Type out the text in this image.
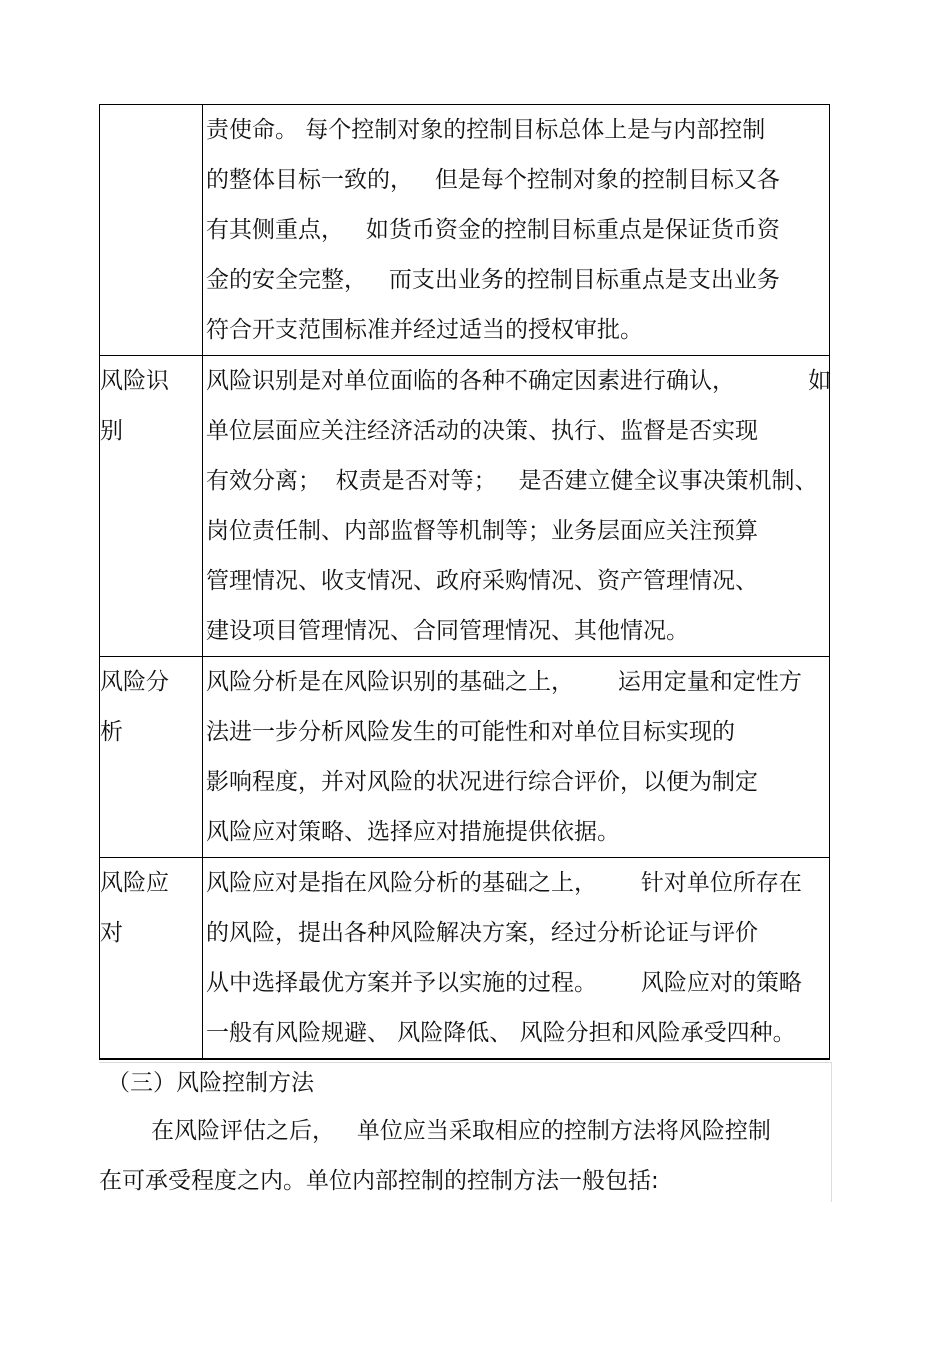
责使命。 每个控制对象的控制目标总体上是与内部控制
的整体目标一致的，   但是每个控制对象的控制目标又各
有其侧重点，   如货币资金的控制目标重点是保证货币资
金的安全完整，   而支出业务的控制目标重点是支出业务
符合开支范围标准并经过适当的授权审批。
风险识
别
风险识别是对单位面临的各种不确定因素进行确认，          如
单位层面应关注经济活动的决策、执行、监督是否实现
有效分离；  权责是否对等；   是否建立健全议事决策机制、
岗位责任制、内部监督等机制等；业务层面应关注预算
管理情况、收支情况、政府采购情况、资产管理情况、
建设项目管理情况、合同管理情况、其他情况。
风险分
析
风险分析是在风险识别的基础之上，      运用定量和定性方
法进一步分析风险发生的可能性和对单位目标实现的
影响程度，并对风险的状况进行综合评价，以便为制定
风险应对策略、选择应对措施提供依据。
风险应
对
风险应对是指在风险分析的基础之上，      针对单位所存在
的风险，提出各种风险解决方案，经过分析论证与评价
从中选择最优方案并予以实施的过程。      风险应对的策略
一般有风险规避、 风险降低、 风险分担和风险承受四种。
（三）风险控制方法
在风险评估之后，   单位应当采取相应的控制方法将风险控制
在可承受程度之内。单位内部控制的控制方法一般包括:
